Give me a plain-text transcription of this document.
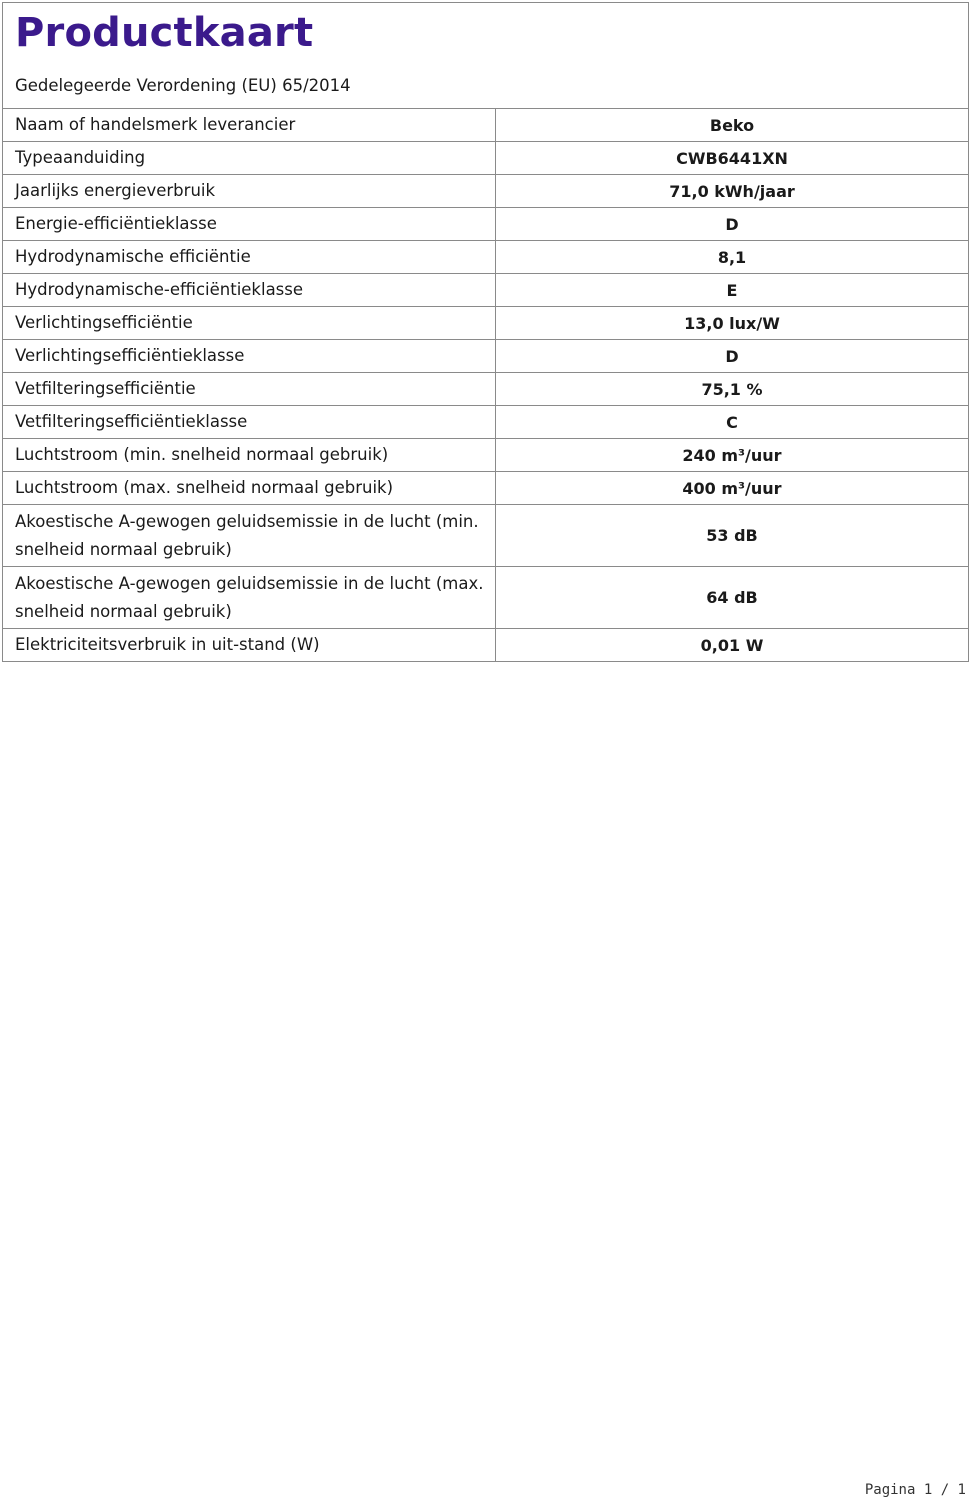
Productkaart

Gedelegeerde Verordening (EU) 65/2014

Naam of handelsmerk leverancier	Beko
Typeaanduiding	CWB6441XN
Jaarlijks energieverbruik	71,0 kWh/jaar
Energie-efficiëntieklasse	D
Hydrodynamische efficiëntie	8,1
Hydrodynamische-efficiëntieklasse	E
Verlichtingsefficiëntie	13,0 lux/W
Verlichtingsefficiëntieklasse	D
Vetfilteringsefficiëntie	75,1 %
Vetfilteringsefficiëntieklasse	C
Luchtstroom (min. snelheid normaal gebruik)	240 m³/uur
Luchtstroom (max. snelheid normaal gebruik)	400 m³/uur
Akoestische A-gewogen geluidsemissie in de lucht (min. snelheid normaal gebruik)	53 dB
Akoestische A-gewogen geluidsemissie in de lucht (max. snelheid normaal gebruik)	64 dB
Elektriciteitsverbruik in uit-stand (W)	0,01 W
Pagina 1 / 1
